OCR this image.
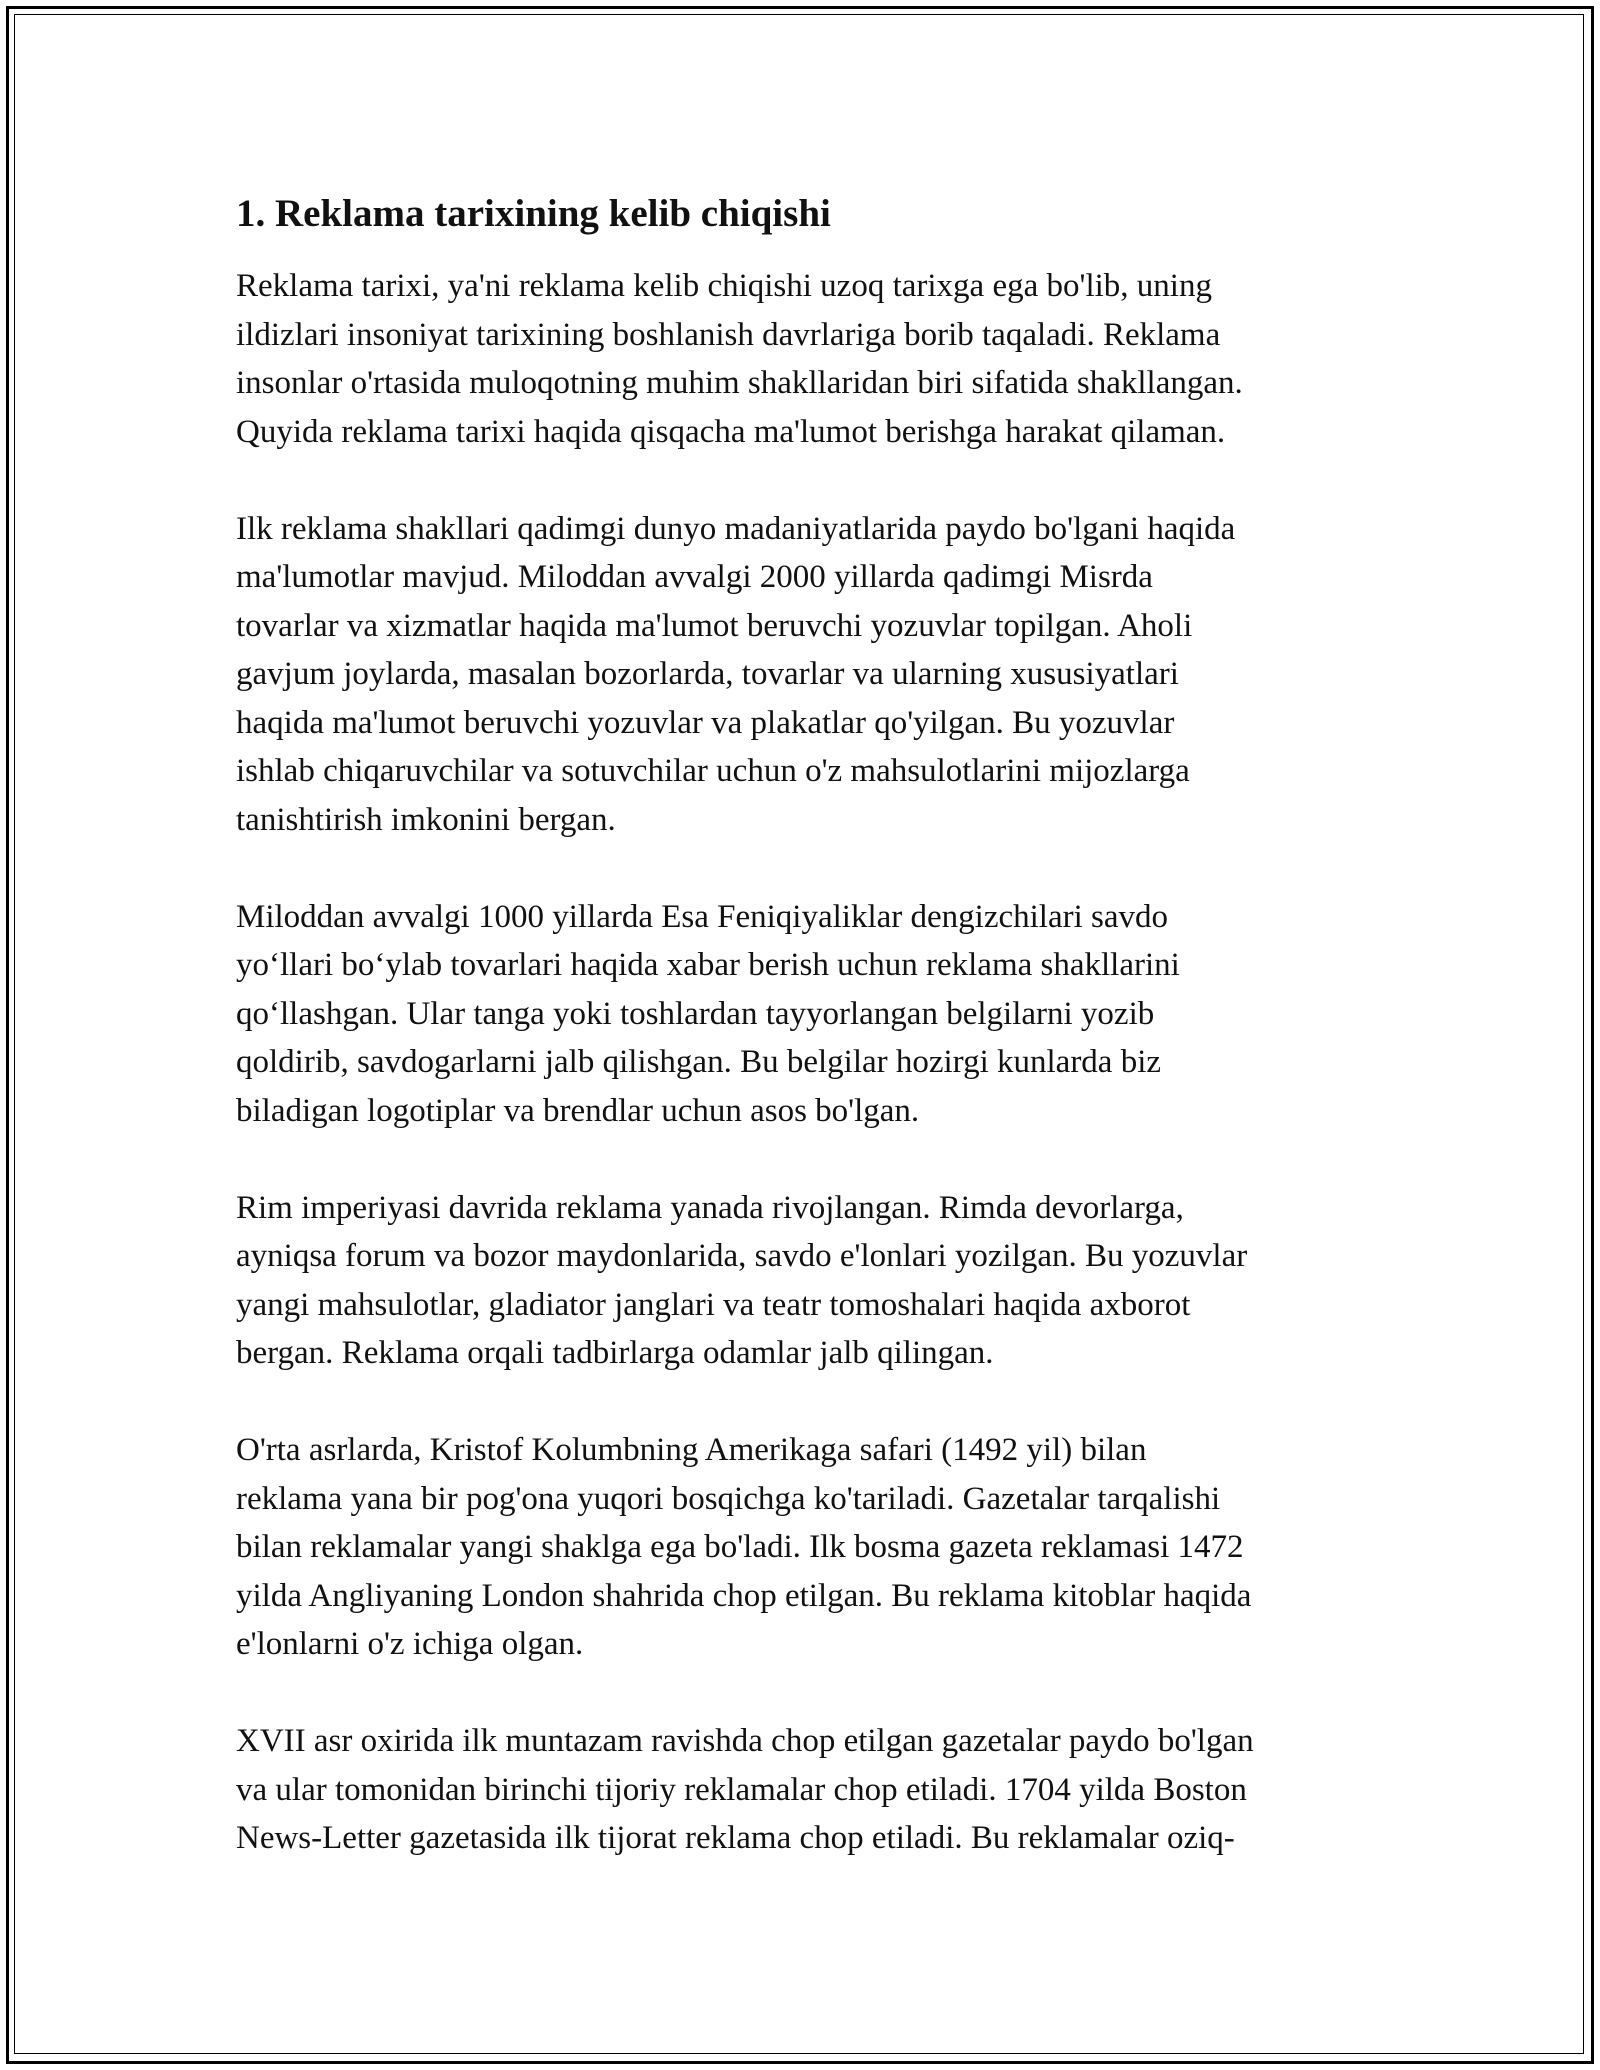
1. Reklama tarixining kelib chiqishi

Reklama tarixi, ya'ni reklama kelib chiqishi uzoq tarixga ega bo'lib, uning
ildizlari insoniyat tarixining boshlanish davrlariga borib taqaladi. Reklama
insonlar o'rtasida muloqotning muhim shakllaridan biri sifatida shakllangan.
Quyida reklama tarixi haqida qisqacha ma'lumot berishga harakat qilaman.

Ilk reklama shakllari qadimgi dunyo madaniyatlarida paydo bo'lgani haqida
ma'lumotlar mavjud. Miloddan avvalgi 2000 yillarda qadimgi Misrda
tovarlar va xizmatlar haqida ma'lumot beruvchi yozuvlar topilgan. Aholi
gavjum joylarda, masalan bozorlarda, tovarlar va ularning xususiyatlari
haqida ma'lumot beruvchi yozuvlar va plakatlar qo'yilgan. Bu yozuvlar
ishlab chiqaruvchilar va sotuvchilar uchun o'z mahsulotlarini mijozlarga
tanishtirish imkonini bergan.

Miloddan avvalgi 1000 yillarda Esa Feniqiyaliklar dengizchilari savdo
yo‘llari bo‘ylab tovarlari haqida xabar berish uchun reklama shakllarini
qo‘llashgan. Ular tanga yoki toshlardan tayyorlangan belgilarni yozib
qoldirib, savdogarlarni jalb qilishgan. Bu belgilar hozirgi kunlarda biz
biladigan logotiplar va brendlar uchun asos bo'lgan.

Rim imperiyasi davrida reklama yanada rivojlangan. Rimda devorlarga,
ayniqsa forum va bozor maydonlarida, savdo e'lonlari yozilgan. Bu yozuvlar
yangi mahsulotlar, gladiator janglari va teatr tomoshalari haqida axborot
bergan. Reklama orqali tadbirlarga odamlar jalb qilingan.

O'rta asrlarda, Kristof Kolumbning Amerikaga safari (1492 yil) bilan
reklama yana bir pog'ona yuqori bosqichga ko'tariladi. Gazetalar tarqalishi
bilan reklamalar yangi shaklga ega bo'ladi. Ilk bosma gazeta reklamasi 1472
yilda Angliyaning London shahrida chop etilgan. Bu reklama kitoblar haqida
e'lonlarni o'z ichiga olgan.

XVII asr oxirida ilk muntazam ravishda chop etilgan gazetalar paydo bo'lgan
va ular tomonidan birinchi tijoriy reklamalar chop etiladi. 1704 yilda Boston
News-Letter gazetasida ilk tijorat reklama chop etiladi. Bu reklamalar oziq-
